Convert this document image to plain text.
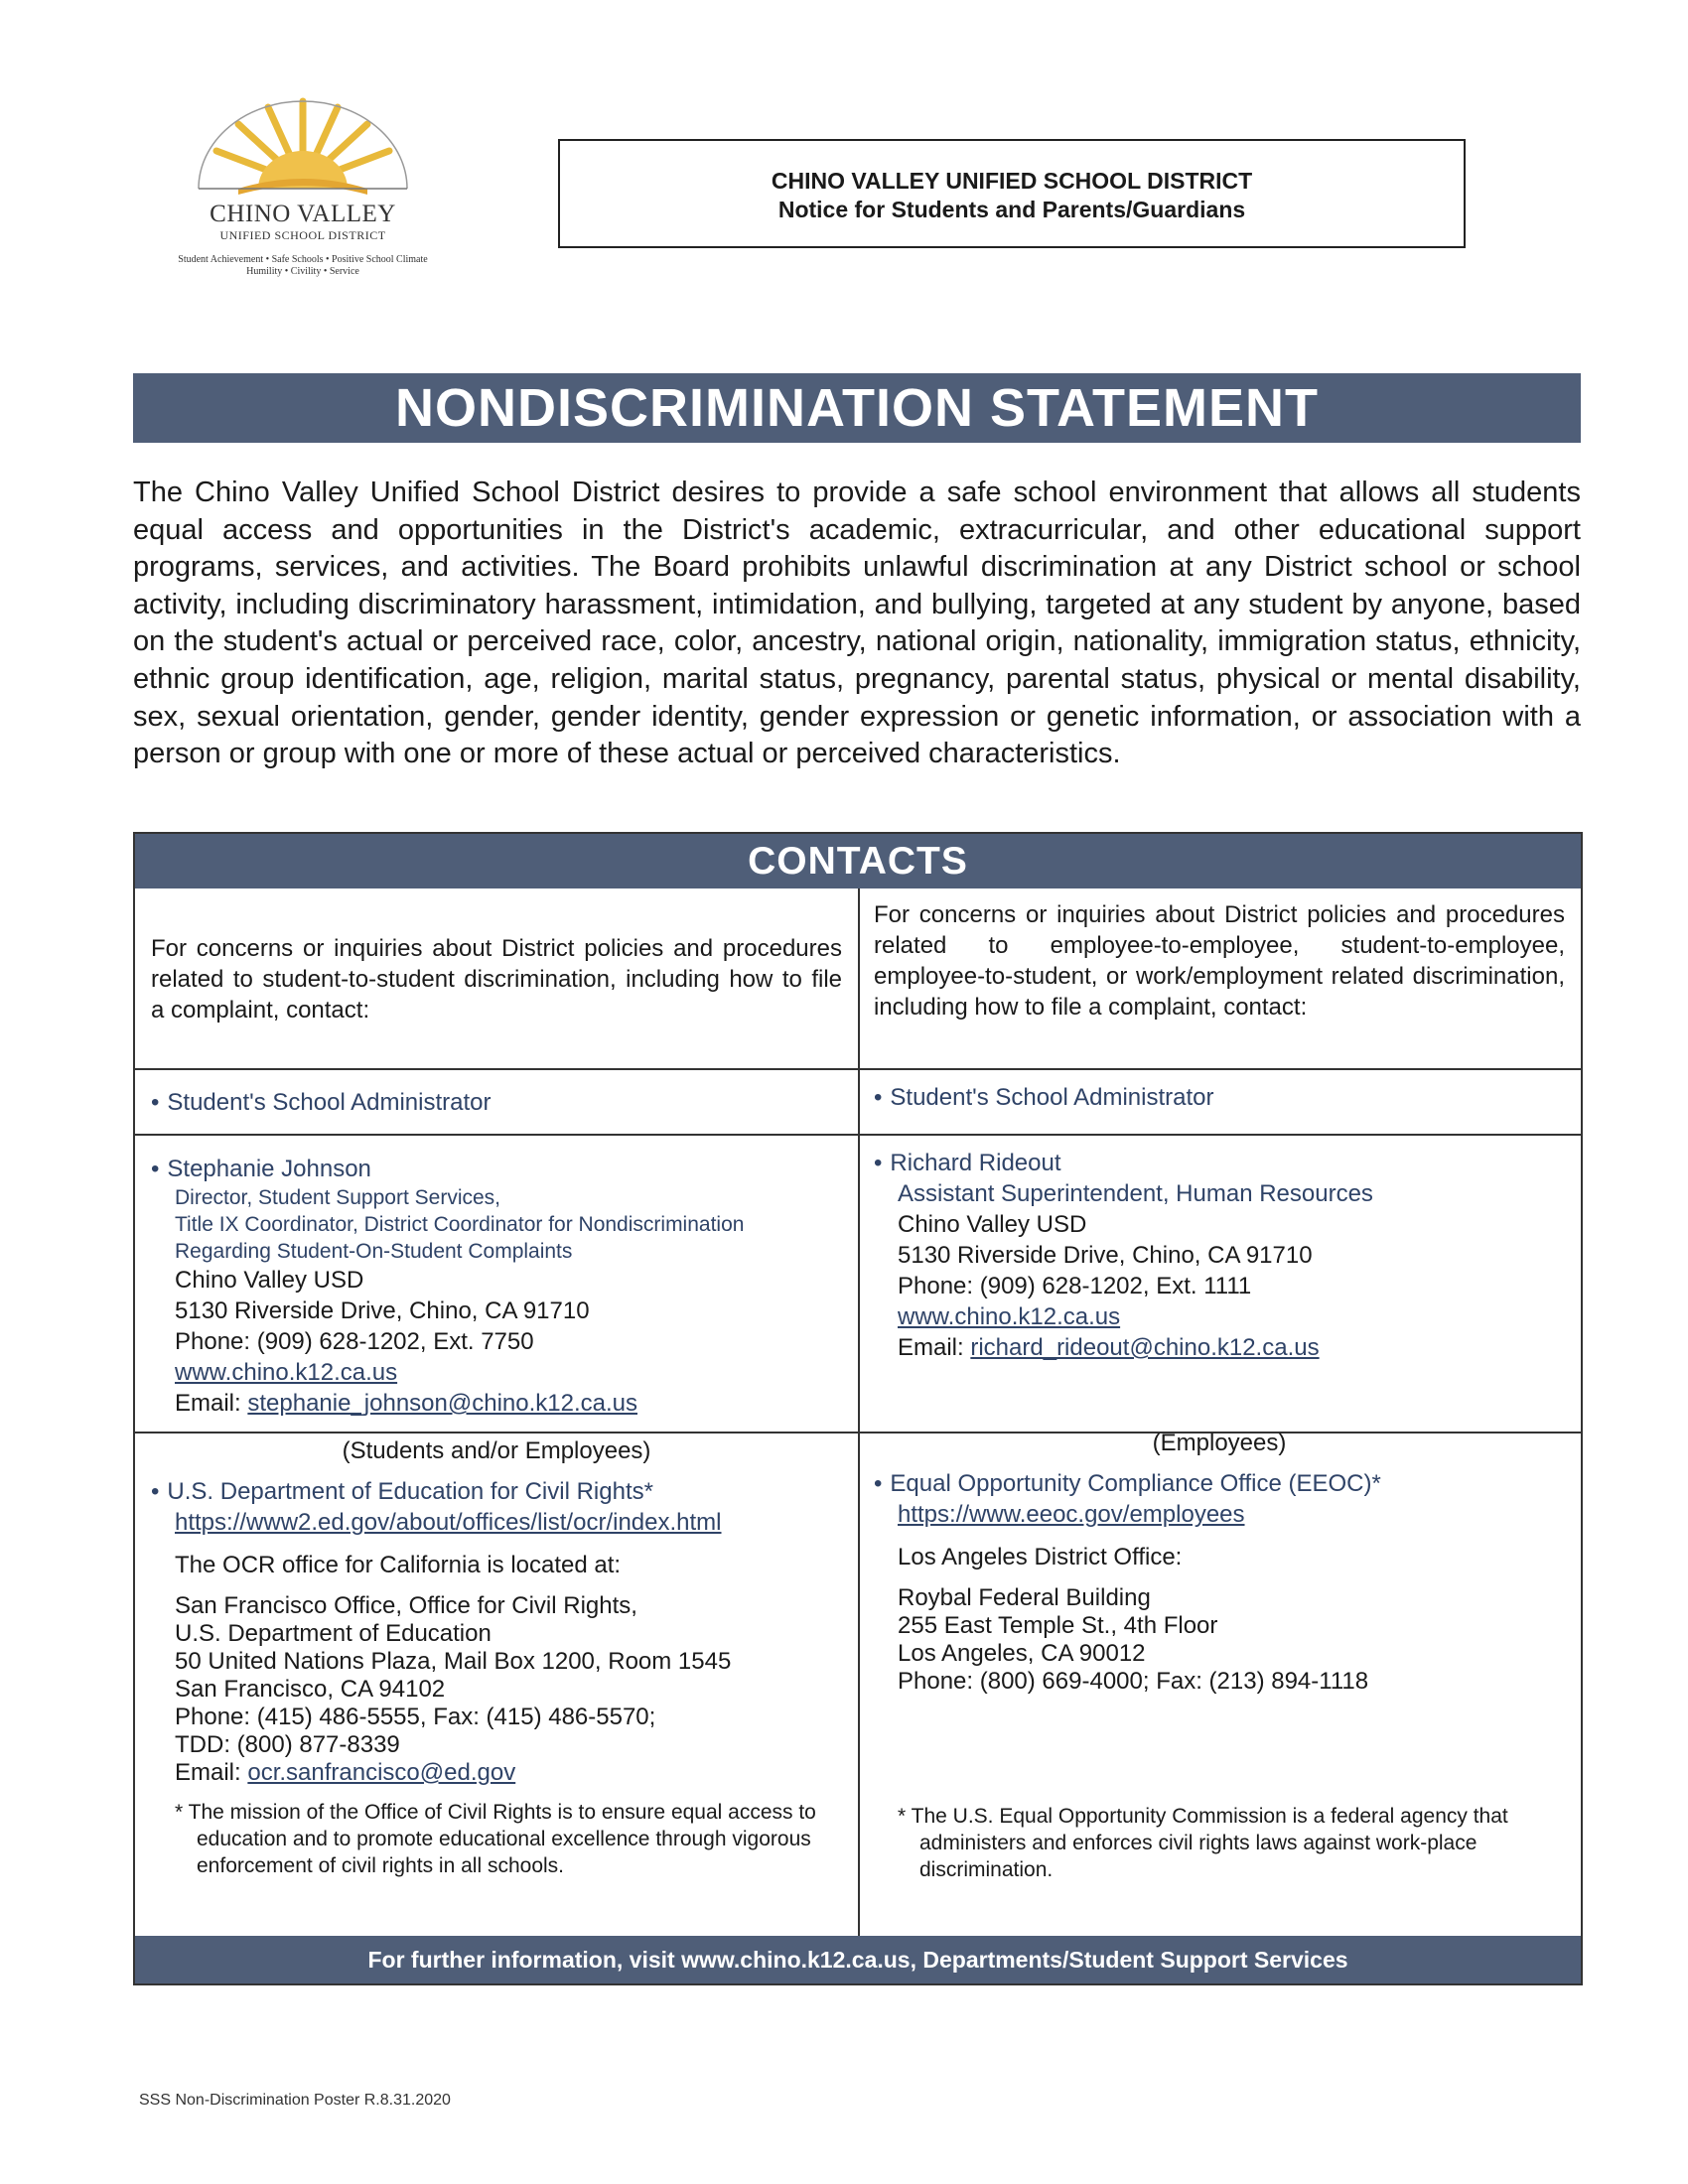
CHINO VALLEY
UNIFIED SCHOOL DISTRICT
Student Achievement • Safe Schools • Positive School Climate
Humility • Civility • Service
CHINO VALLEY UNIFIED SCHOOL DISTRICT
Notice for Students and Parents/Guardians
NONDISCRIMINATION STATEMENT
The Chino Valley Unified School District desires to provide a safe school environment that allows all students equal access and opportunities in the District's academic, extracurricular, and other educational support programs, services, and activities. The Board prohibits unlawful discrimination at any District school or school activity, including discriminatory harassment, intimidation, and bullying, targeted at any student by anyone, based on the student's actual or perceived race, color, ancestry, national origin, nationality, immigration status, ethnicity, ethnic group identification, age, religion, marital status, pregnancy, parental status, physical or mental disability, sex, sexual orientation, gender, gender identity, gender expression or genetic information, or association with a person or group with one or more of these actual or perceived characteristics.
CONTACTS
For concerns or inquiries about District policies and procedures related to student-to-student discrimination, including how to file a complaint, contact:
For concerns or inquiries about District policies and procedures related to employee-to-employee, student-to-employee, employee-to-student, or work/employment related discrimination, including how to file a complaint, contact:
• Student's School Administrator
•	Student's School Administrator
• Stephanie Johnson
Director, Student Support Services,
Title IX Coordinator, District Coordinator for Nondiscrimination
Regarding Student-On-Student Complaints
Chino Valley USD
5130 Riverside Drive, Chino, CA 91710
Phone: (909) 628-1202, Ext. 7750
www.chino.k12.ca.us
Email: stephanie_johnson@chino.k12.ca.us
• Richard Rideout
Assistant Superintendent, Human Resources
Chino Valley USD
5130 Riverside Drive, Chino, CA 91710
Phone: (909) 628-1202, Ext. 1111
www.chino.k12.ca.us
Email: richard_rideout@chino.k12.ca.us
(Students and/or Employees)
• U.S. Department of Education for Civil Rights*
https://www2.ed.gov/about/offices/list/ocr/index.html
The OCR office for California is located at:
San Francisco Office, Office for Civil Rights,
U.S. Department of Education
50 United Nations Plaza, Mail Box 1200, Room 1545
San Francisco, CA 94102
Phone: (415) 486-5555, Fax: (415) 486-5570;
TDD: (800) 877-8339
Email: ocr.sanfrancisco@ed.gov
* The mission of the Office of Civil Rights is to ensure equal access to education and to promote educational excellence through vigorous enforcement of civil rights in all schools.
(Employees)
• Equal Opportunity Compliance Office (EEOC)*
https://www.eeoc.gov/employees
Los Angeles District Office:
Roybal Federal Building
255 East Temple St., 4th Floor
Los Angeles, CA 90012
Phone: (800) 669-4000; Fax: (213) 894-1118
* The U.S. Equal Opportunity Commission is a federal agency that administers and enforces civil rights laws against work-place discrimination.
For further information, visit www.chino.k12.ca.us, Departments/Student Support Services
SSS Non-Discrimination Poster R.8.31.2020
